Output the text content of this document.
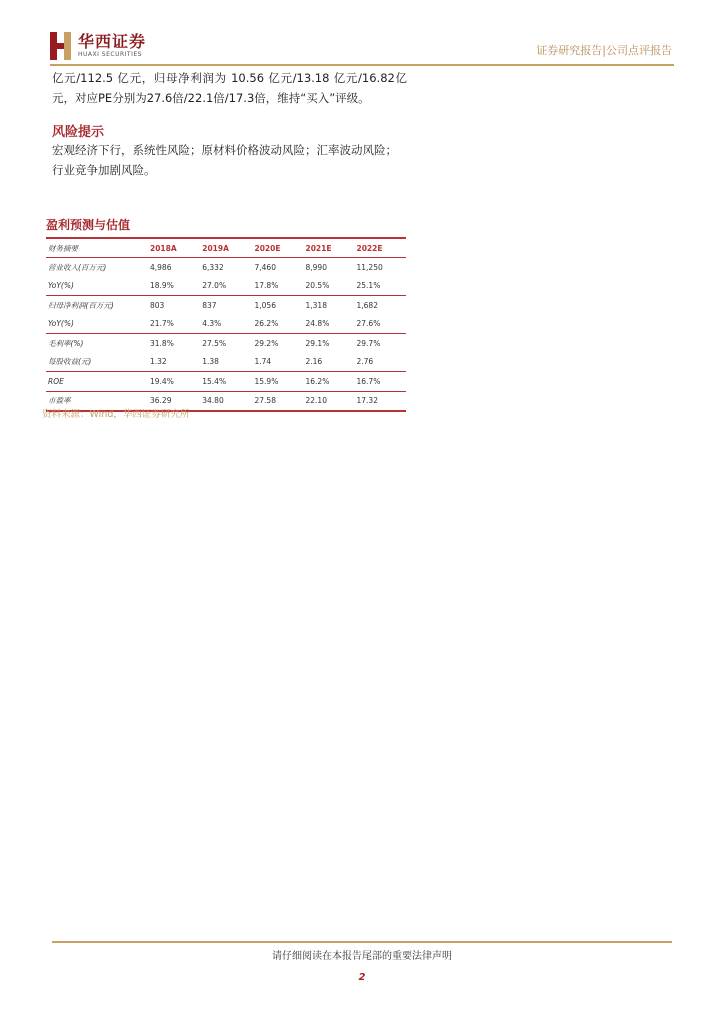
华西证券
HUAXI SECURITIES	证券研究报告|公司点评报告
亿元/112.5 亿元，归母净利润为 10.56 亿元/13.18 亿元/16.82亿元，对应PE分别为27.6倍/22.1倍/17.3倍，维持“买入”评级。
风险提示
宏观经济下行，系统性风险；原材料价格波动风险；汇率波动风险；行业竞争加剧风险。
盈利预测与估值
财务摘要	2018A	2019A	2020E	2021E	2022E
营业收入(百万元)	4,986	6,332	7,460	8,990	11,250
YoY(%)	18.9%	27.0%	17.8%	20.5%	25.1%
归母净利润(百万元)	803	837	1,056	1,318	1,682
YoY(%)	21.7%	4.3%	26.2%	24.8%	27.6%
毛利率(%)	31.8%	27.5%	29.2%	29.1%	29.7%
每股收益(元)	1.32	1.38	1.74	2.16	2.76
ROE	19.4%	15.4%	15.9%	16.2%	16.7%
市盈率	36.29	34.80	27.58	22.10	17.32
资料来源：Wind，华西证券研究所
请仔细阅读在本报告尾部的重要法律声明
2
